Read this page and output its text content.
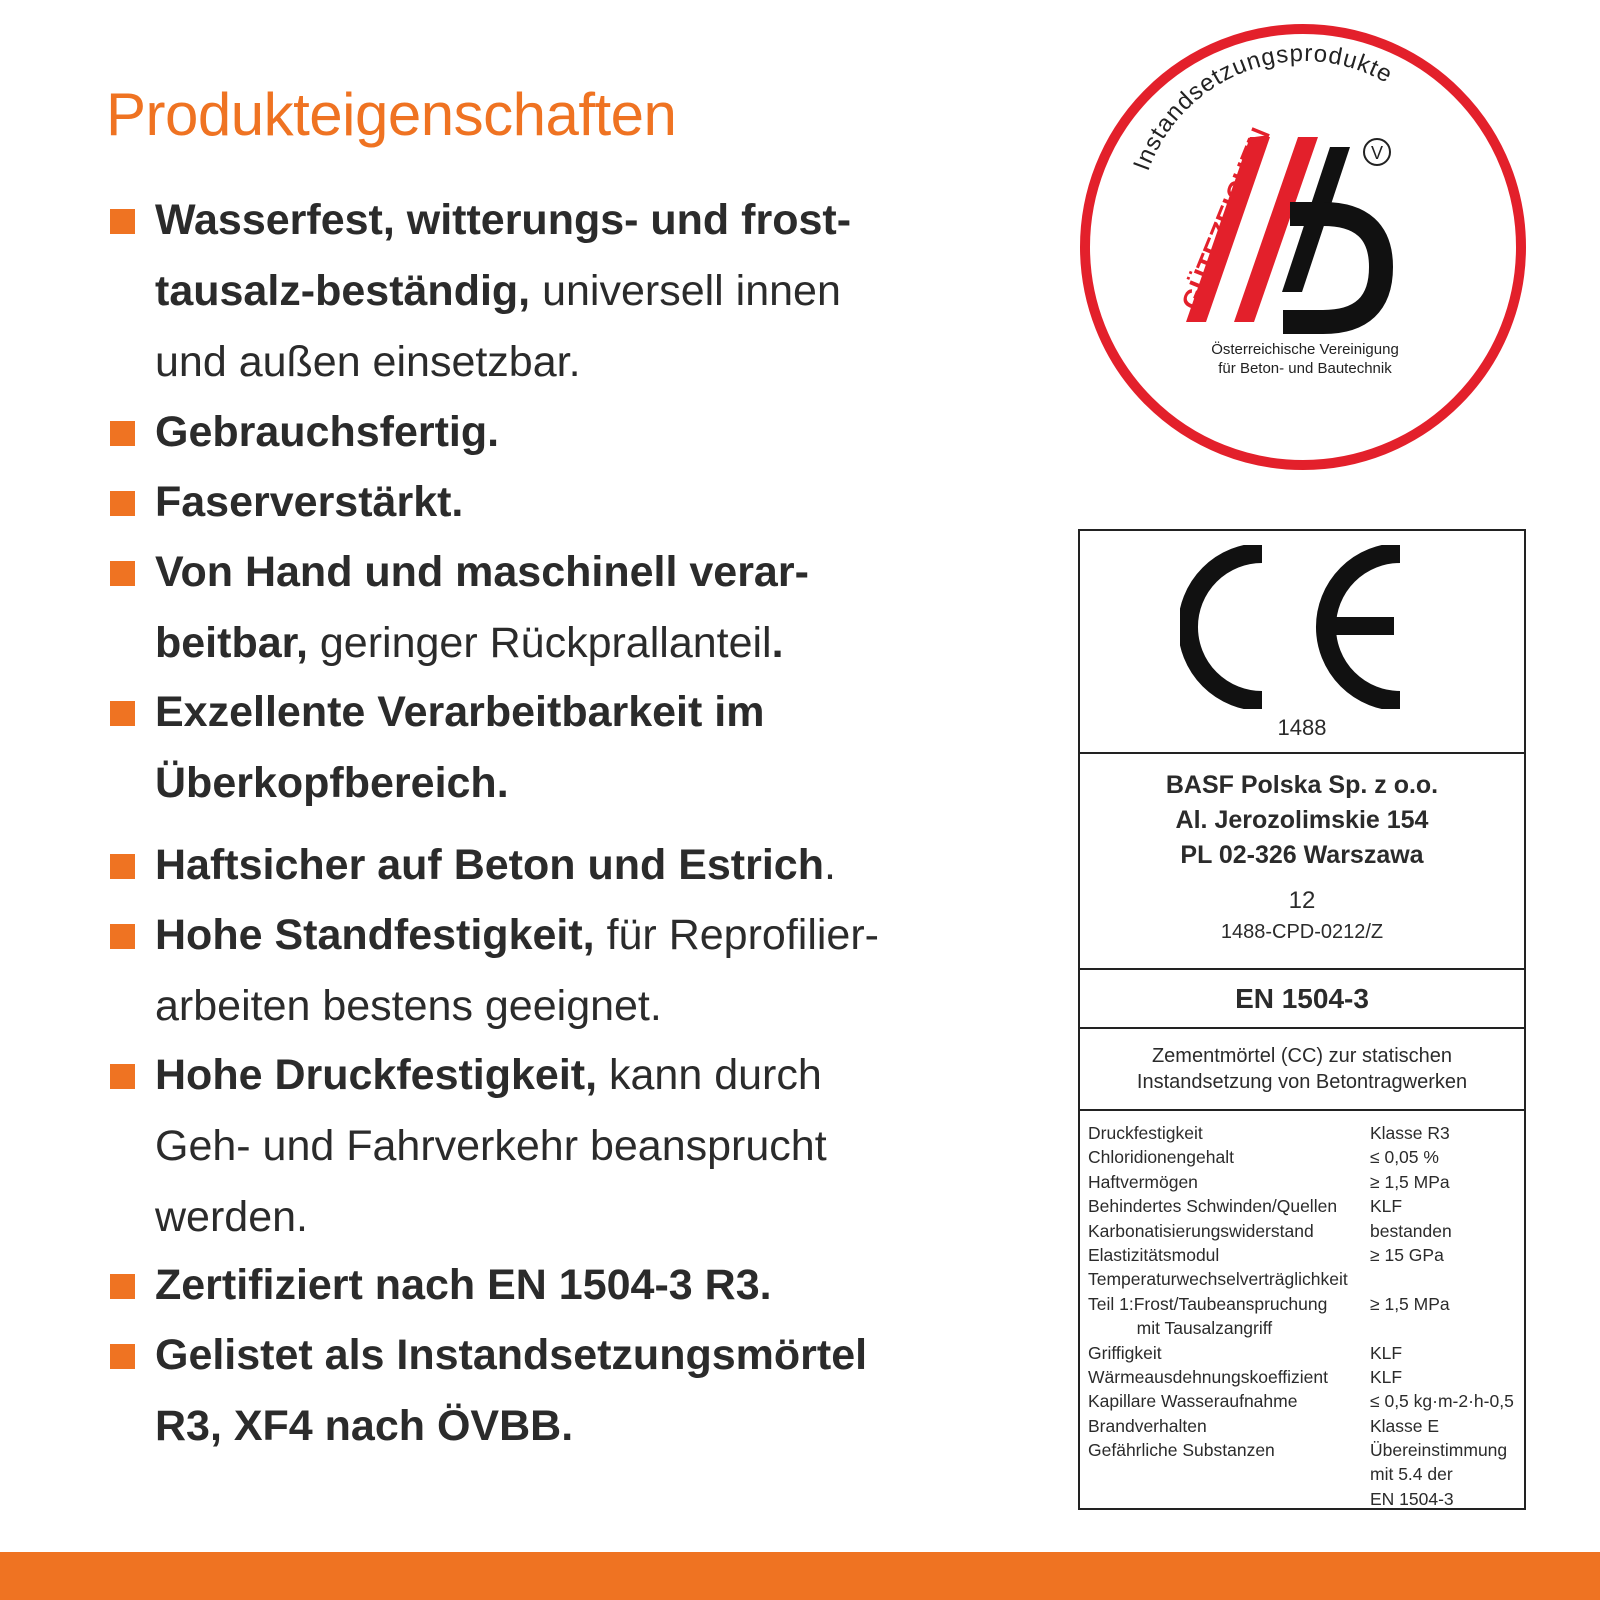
Produkteigenschaften
Wasserfest, witterungs- und frost-
tausalz-beständig, universell innen
und außen einsetzbar.
Gebrauchsfertig.
Faserverstärkt.
Von Hand und maschinell verar-
beitbar, geringer Rückprallanteil.
Exzellente Verarbeitbarkeit im
Überkopfbereich.
Haftsicher auf Beton und Estrich.
Hohe Standfestigkeit, für Reprofilier-
arbeiten bestens geeignet.
Hohe Druckfestigkeit, kann durch
Geh- und Fahrverkehr beansprucht
werden.
Zertifiziert nach EN 1504-3 R3.
Gelistet als Instandsetzungsmörtel
R3, XF4 nach ÖVBB.
Instandsetzungsprodukte
V
Österreichische Vereinigung
für Beton- und Bautechnik
1488
BASF Polska Sp. z o.o.
Al. Jerozolimskie 154
PL 02-326 Warszawa
12
1488-CPD-0212/Z
EN 1504-3
Zementmörtel (CC) zur statischen
Instandsetzung von Betontragwerken
Druckfestigkeit	Klasse R3
Chloridionengehalt	≤ 0,05 %
Haftvermögen	≥ 1,5 MPa
Behindertes Schwinden/Quellen KLF
Karbonatisierungswiderstand	bestanden
Elastizitätsmodul	≥ 15 GPa
Temperaturwechselverträglichkeit
Teil 1:Frost/Taubeanspruchung ≥ 1,5 MPa
mit Tausalzangriff
Griffigkeit	KLF
Wärmeausdehnungskoeffizient KLF
Kapillare Wasseraufnahme	≤ 0,5 kg·m-2·h-0,5
Brandverhalten	Klasse E
Gefährliche Substanzen	Übereinstimmung
mit 5.4 der
EN 1504-3
